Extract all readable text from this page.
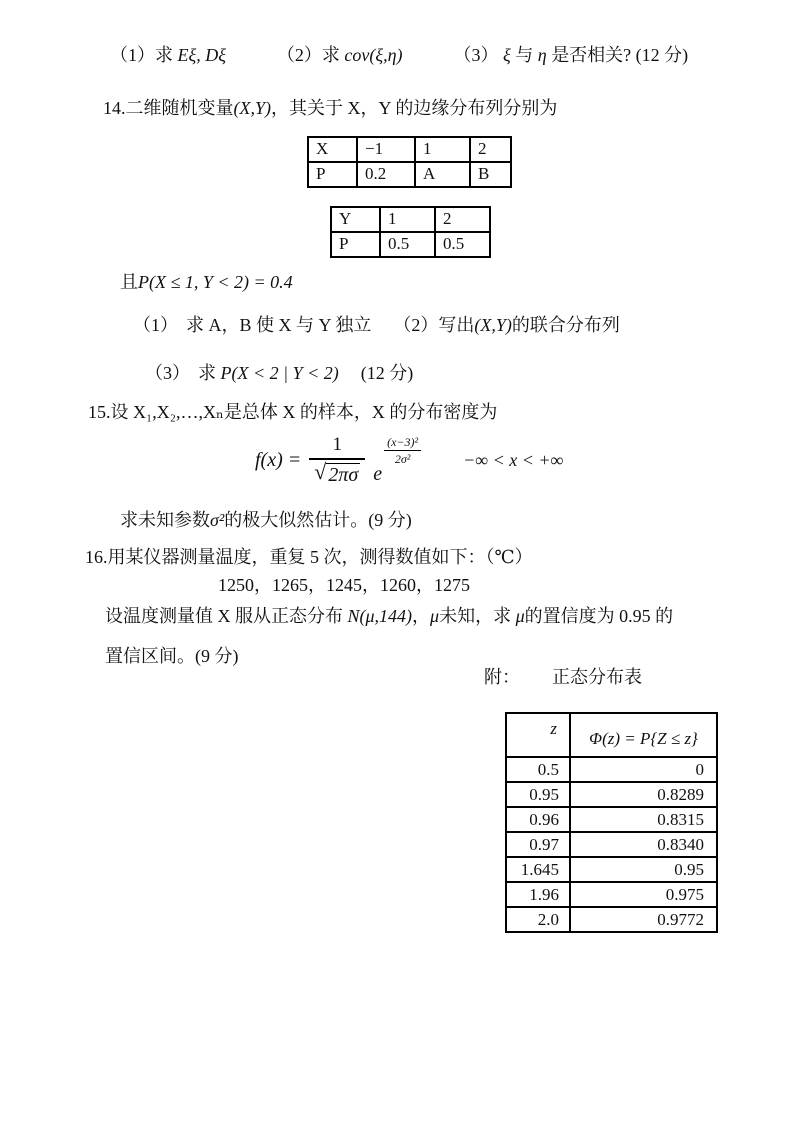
（1）求 Eξ, Dξ	（2）求 cov(ξ,η)	（3） ξ 与 η 是否相关? (12 分)
14.二维随机变量(X,Y)，其关于 X，Y 的边缘分布列分别为
X	−1	1	2
P	0.2	A	B
Y	1	2
P	0.5	0.5
且P(X ≤ 1, Y < 2) = 0.4
（1） 求 A，B 使 X 与 Y 独立 （2）写出(X,Y)的联合分布列
（3） 求 P(X < 2 | Y < 2) (12 分)
15.设 X₁,X₂,…,Xₙ是总体 X 的样本，X 的分布密度为
$f(x) = \frac{1}{√ 2\pi\sigma}$ e
$\frac{\text{(x−3)²}}{\text{2σ²}}$ −∞ < x < +∞
求未知参数σ²的极大似然估计。(9 分)
16.用某仪器测量温度，重复 5 次，测得数值如下：（℃）
1250，1265，1245，1260，1275
设温度测量值 X 服从正态分布 N(μ,144)，μ未知，求 μ的置信度为 0.95 的
置信区间。(9 分)
附： 正态分布表
z	Φ(z) = P{Z ≤ z}
0.5	0
0.95	0.8289
0.96	0.8315
0.97	0.8340
1.645	0.95
1.96	0.975
2.0	0.9772
